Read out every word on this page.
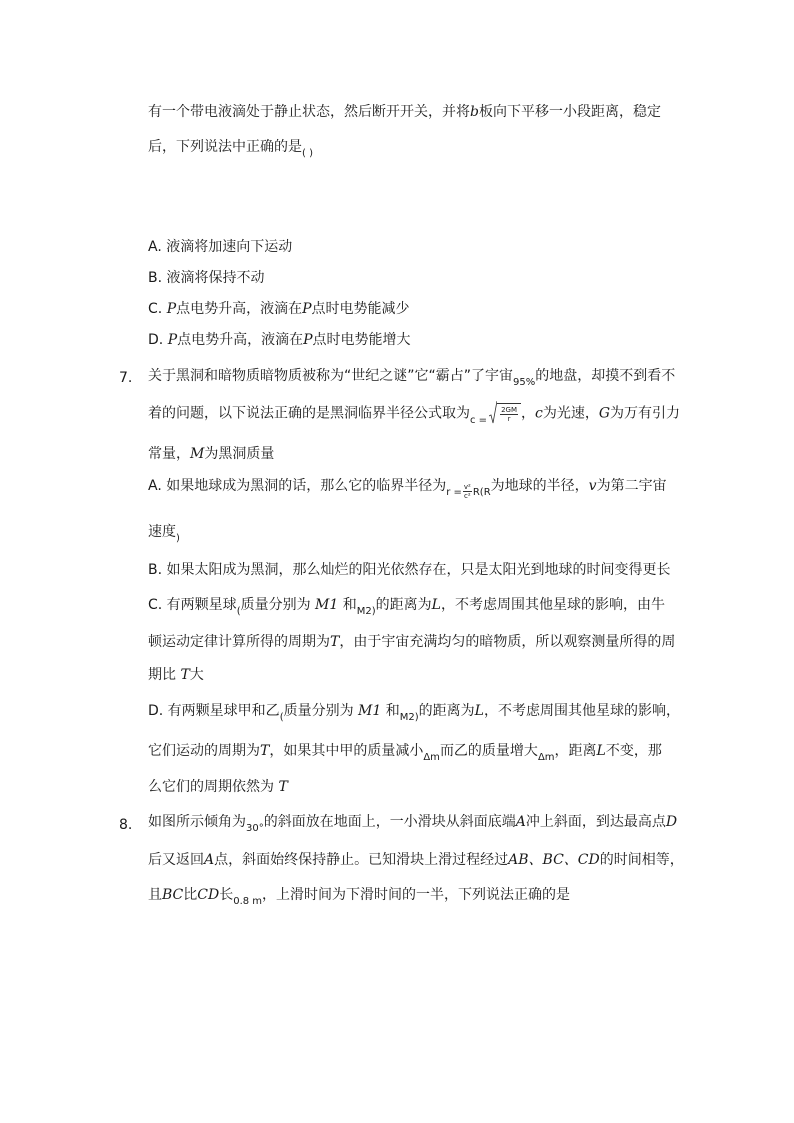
有一个带电液滴处于静止状态，然后断开开关，并将b板向下平移一小段距离，稳定
后，下列说法中正确的是$_{( )}$
A. 液滴将加速向下运动
B. 液滴将保持不动
C. P点电势升高，液滴在P点时电势能减少
D. P点电势升高，液滴在P点时电势能增大
7. 关于黑洞和暗物质暗物质被称为“世纪之谜”它“霸占”了宇宙$_{95\%}$的地盘，却摸不到看不
着的问题，以下说法正确的是黑洞临界半径公式取为$_{c =} \frac{2GM}{r}$ ，c为光速，G为万有引力
常量，M为黑洞质量
A. 如果地球成为黑洞的话，那么它的临界半径为$_{r =} \frac{\text{v²}}{\text{c²}} _{R(R}$为地球的半径，v为第二宇宙
速度$_)$
B. 如果太阳成为黑洞，那么灿烂的阳光依然存在，只是太阳光到地球的时间变得更长
C. 有两颗星球$_($质量分别为 M1 和$_{M2)}$的距离为L，不考虑周围其他星球的影响，由牛
顿运动定律计算所得的周期为T，由于宇宙充满均匀的暗物质，所以观察测量所得的周
期比 T大
D. 有两颗星球甲和乙$_($质量分别为 M1 和$_{M2)}$的距离为L，不考虑周围其他星球的影响，
它们运动的周期为T，如果其中甲的质量减小$_{\Delta m}$而乙的质量增大$_{\Delta m}$，距离L不变，那
么它们的周期依然为 T
8. 如图所示倾角为$_{30^\circ}$的斜面放在地面上，一小滑块从斜面底端A冲上斜面，到达最高点D
后又返回A点，斜面始终保持静止。已知滑块上滑过程经过AB、BC、CD的时间相等，
且BC比CD长$_{0.8 m}$，上滑时间为下滑时间的一半，下列说法正确的是
